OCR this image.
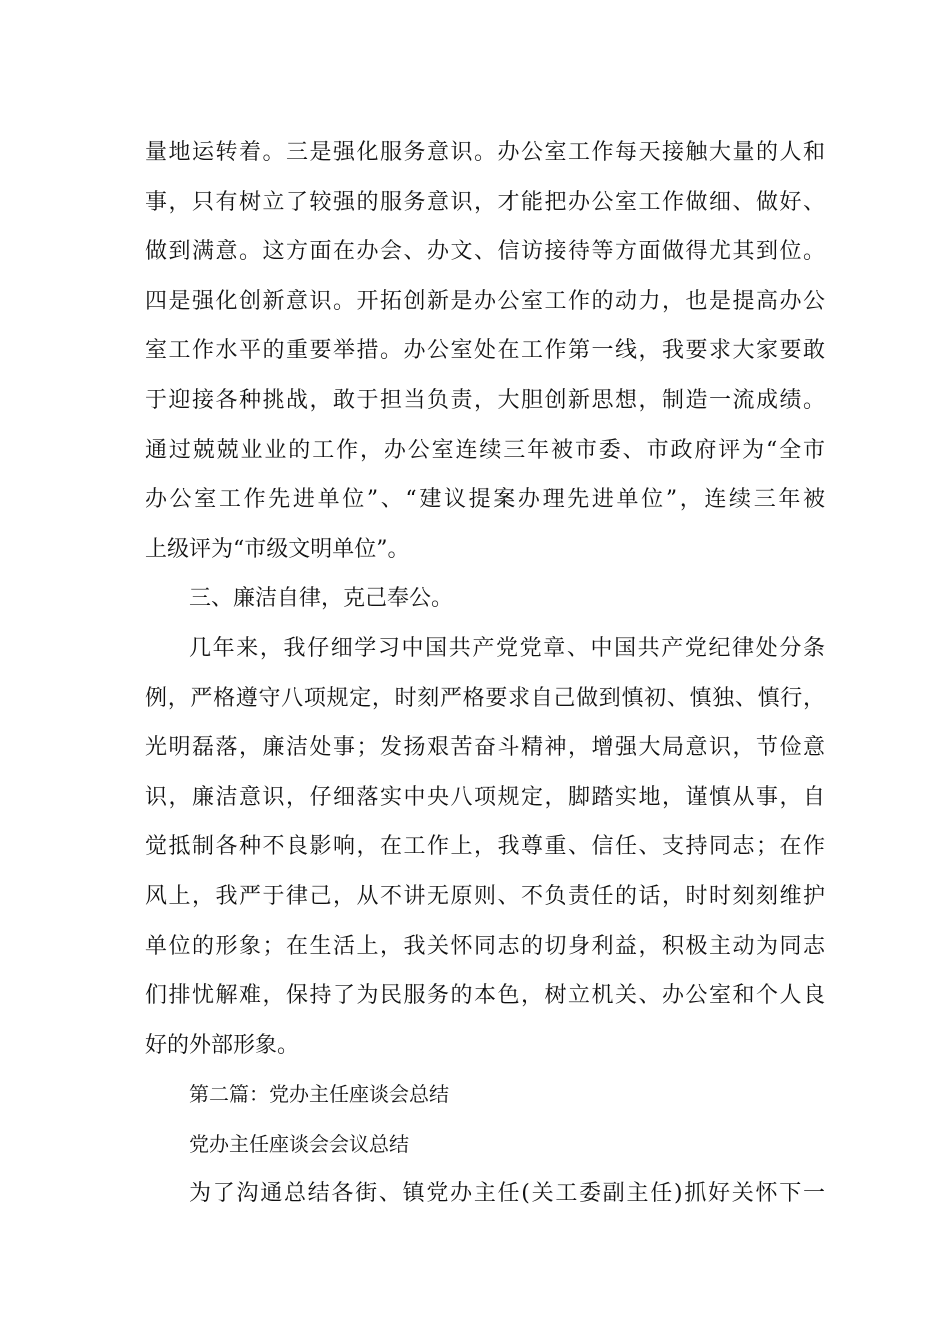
量地运转着。三是强化服务意识。办公室工作每天接触大量的人和
事，只有树立了较强的服务意识，才能把办公室工作做细、做好、
做到满意。这方面在办会、办文、信访接待等方面做得尤其到位。
四是强化创新意识。开拓创新是办公室工作的动力，也是提高办公
室工作水平的重要举措。办公室处在工作第一线，我要求大家要敢
于迎接各种挑战，敢于担当负责，大胆创新思想，制造一流成绩。
通过兢兢业业的工作，办公室连续三年被市委、市政府评为“全市
办公室工作先进单位”、“建议提案办理先进单位”，连续三年被
上级评为“市级文明单位”。
三、廉洁自律，克己奉公。
几年来，我仔细学习中国共产党党章、中国共产党纪律处分条
例，严格遵守八项规定，时刻严格要求自己做到慎初、慎独、慎行，
光明磊落，廉洁处事；发扬艰苦奋斗精神，增强大局意识，节俭意
识，廉洁意识，仔细落实中央八项规定，脚踏实地，谨慎从事，自
觉抵制各种不良影响，在工作上，我尊重、信任、支持同志；在作
风上，我严于律己，从不讲无原则、不负责任的话，时时刻刻维护
单位的形象；在生活上，我关怀同志的切身利益，积极主动为同志
们排忧解难，保持了为民服务的本色，树立机关、办公室和个人良
好的外部形象。
第二篇：党办主任座谈会总结
党办主任座谈会会议总结
为了沟通总结各街、镇党办主任(关工委副主任)抓好关怀下一
